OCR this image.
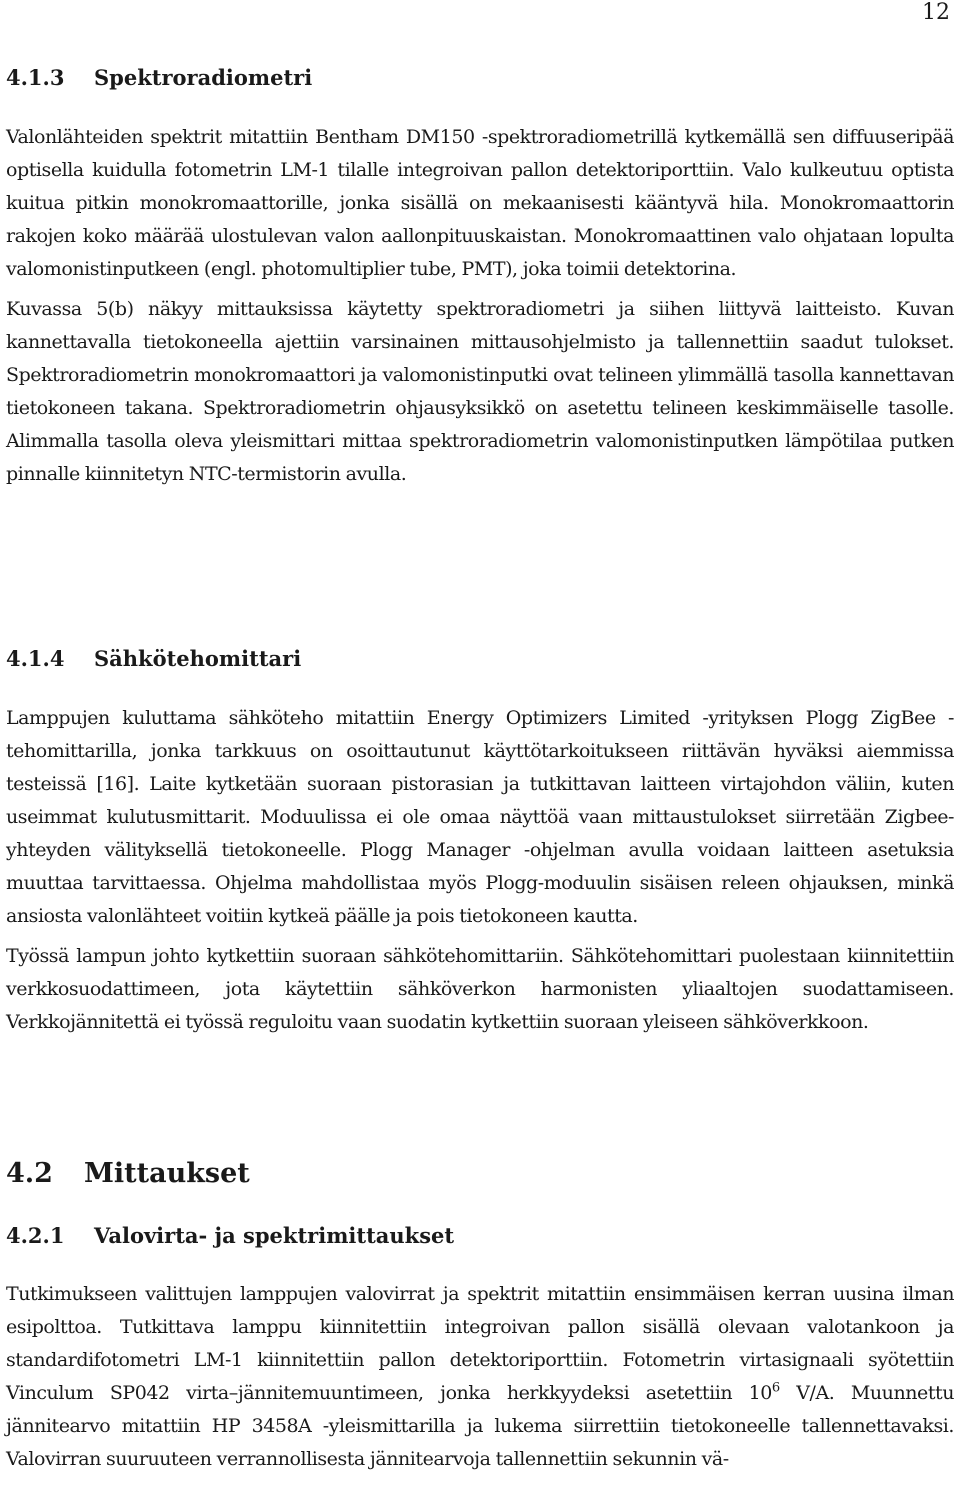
12
4.1.3 Spektroradiometri

Valonlähteiden spektrit mitattiin Bentham DM150 -spektroradiometrillä kytkemällä sen diffuuseripää optisella kuidulla fotometrin LM-1 tilalle integroivan pallon detektoriporttiin. Valo kulkeutuu optista kuitua pitkin monokromaattorille, jonka sisällä on mekaanisesti kääntyvä hila. Monokromaattorin rakojen koko määrää ulostulevan valon aallonpituuskaistan. Monokromaattinen valo ohjataan lopulta valomonistinputkeen (engl. photomultiplier tube, PMT), joka toimii detektorina.

Kuvassa 5(b) näkyy mittauksissa käytetty spektroradiometri ja siihen liittyvä laitteisto. Kuvan kannettavalla tietokoneella ajettiin varsinainen mittausohjelmisto ja tallennettiin saadut tulokset. Spektroradiometrin monokromaattori ja valomonistinputki ovat telineen ylimmällä tasolla kannettavan tietokoneen takana. Spektroradiometrin ohjausyksikkö on asetettu telineen keskimmäiselle tasolle. Alimmalla tasolla oleva yleismittari mittaa spektroradiometrin valomonistinputken lämpötilaa putken pinnalle kiinnitetyn NTC-termistorin avulla.

4.1.4 Sähkötehomittari

Lamppujen kuluttama sähköteho mitattiin Energy Optimizers Limited -yrityksen Plogg ZigBee -tehomittarilla, jonka tarkkuus on osoittautunut käyttötarkoitukseen riittävän hyväksi aiemmissa testeissä [16]. Laite kytketään suoraan pistorasian ja tutkittavan laitteen virtajohdon väliin, kuten useimmat kulutusmittarit. Moduulissa ei ole omaa näyttöä vaan mittaustulokset siirretään Zigbee-yhteyden välityksellä tietokoneelle. Plogg Manager -ohjelman avulla voidaan laitteen asetuksia muuttaa tarvittaessa. Ohjelma mahdollistaa myös Plogg-moduulin sisäisen releen ohjauksen, minkä ansiosta valonlähteet voitiin kytkeä päälle ja pois tietokoneen kautta.

Työssä lampun johto kytkettiin suoraan sähkötehomittariin. Sähkötehomittari puolestaan kiinnitettiin verkkosuodattimeen, jota käytettiin sähköverkon harmonisten yliaaltojen suodattamiseen. Verkkojännitettä ei työssä reguloitu vaan suodatin kytkettiin suoraan yleiseen sähköverkkoon.

4.2 Mittaukset
4.2.1 Valovirta- ja spektrimittaukset

Tutkimukseen valittujen lamppujen valovirrat ja spektrit mitattiin ensimmäisen kerran uusina ilman esipolttoa. Tutkittava lamppu kiinnitettiin integroivan pallon sisällä olevaan valotankoon ja standardifotometri LM-1 kiinnitettiin pallon detektoriporttiin. Fotometrin virtasignaali syötettiin Vinculum SP042 virta–jännitemuuntimeen, jonka herkkyydeksi asetettiin $10^6$ V/A. Muunnettu jännitearvo mitattiin HP 3458A -yleismittarilla ja lukema siirrettiin tietokoneelle tallennettavaksi. Valovirran suuruuteen verrannollisesta jännitearvoja tallennettiin sekunnin vä-
